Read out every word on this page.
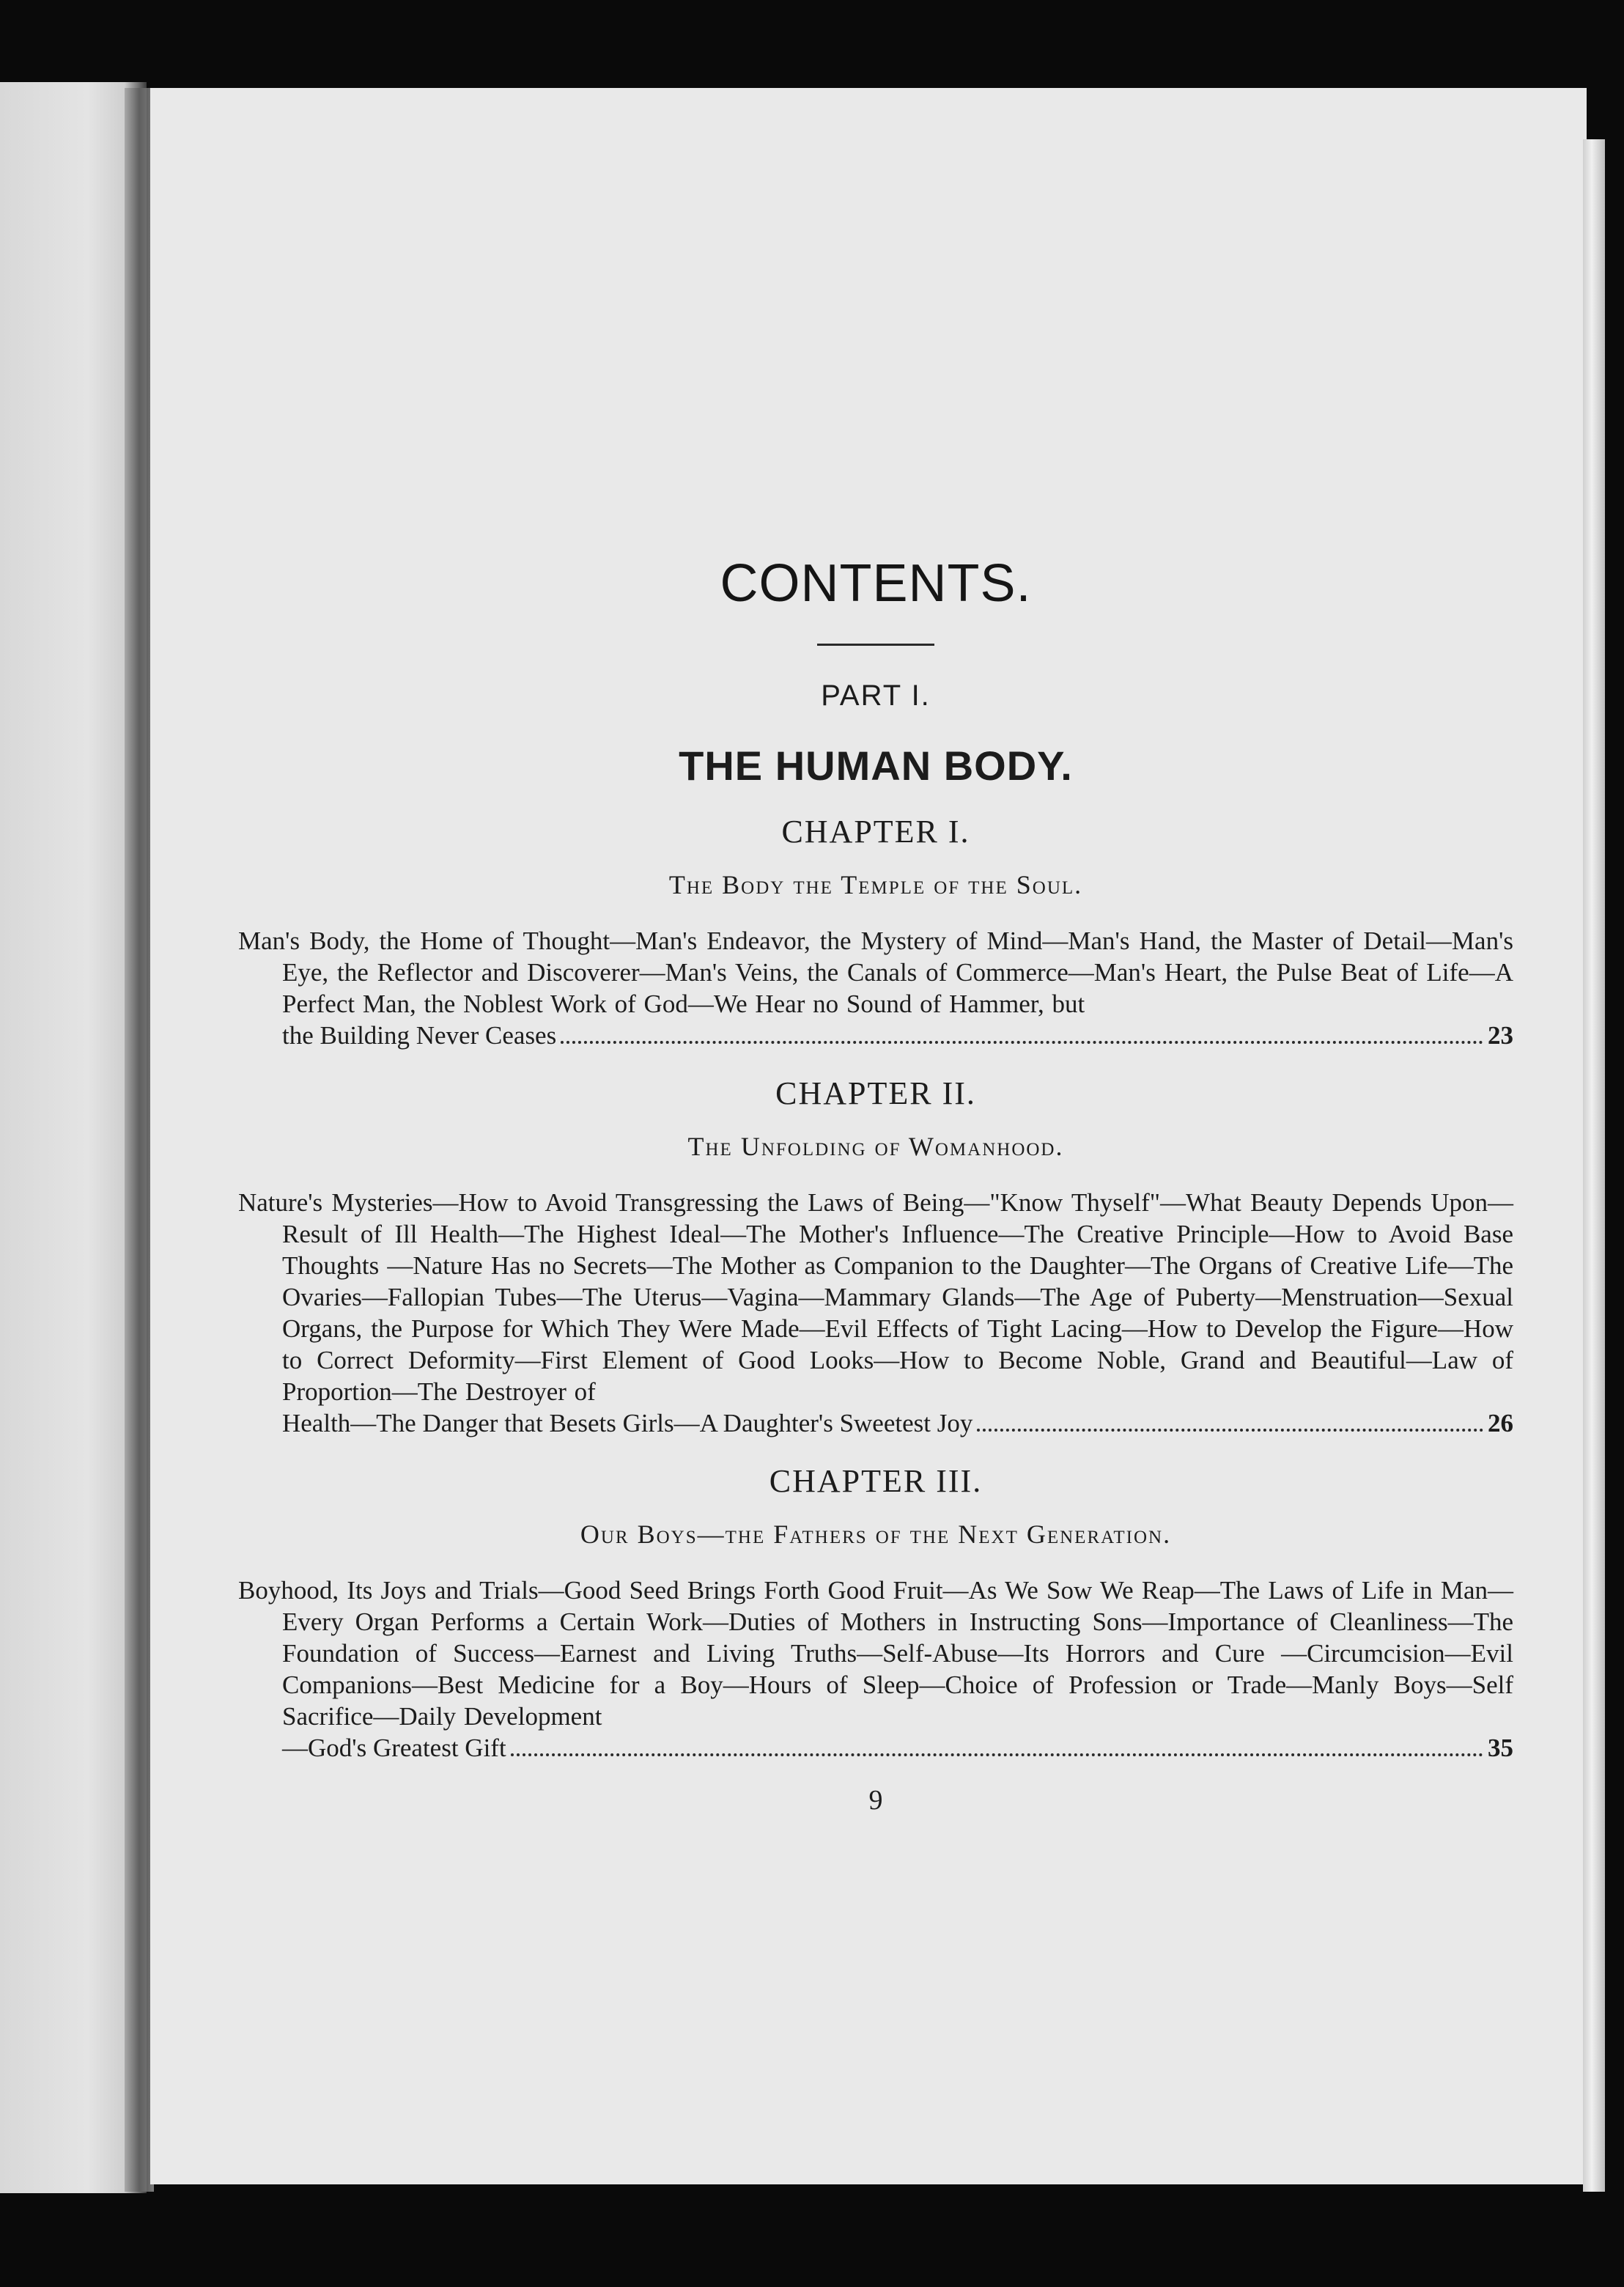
CONTENTS.
PART I.
THE HUMAN BODY.
CHAPTER I.
The Body the Temple of the Soul.
Man's Body, the Home of Thought—Man's Endeavor, the Mystery of Mind—Man's Hand, the Master of Detail—Man's Eye, the Reflector and Discoverer—Man's Veins, the Canals of Commerce—Man's Heart, the Pulse Beat of Life—A Perfect Man, the Noblest Work of God—We Hear no Sound of Hammer, but
the Building Never Ceases	23
CHAPTER II.
The Unfolding of Womanhood.
Nature's Mysteries—How to Avoid Transgressing the Laws of Being—"Know Thyself"—What Beauty Depends Upon—Result of Ill Health—The Highest Ideal—The Mother's Influence—The Creative Principle—How to Avoid Base Thoughts —Nature Has no Secrets—The Mother as Companion to the Daughter—The Organs of Creative Life—The Ovaries—Fallopian Tubes—The Uterus—Vagina—Mammary Glands—The Age of Puberty—Menstruation—Sexual Organs, the Purpose for Which They Were Made—Evil Effects of Tight Lacing—How to Develop the Figure—How to Correct Deformity—First Element of Good Looks—How to Become Noble, Grand and Beautiful—Law of Proportion—The Destroyer of
Health—The Danger that Besets Girls—A Daughter's Sweetest Joy	26
CHAPTER III.
Our Boys—the Fathers of the Next Generation.
Boyhood, Its Joys and Trials—Good Seed Brings Forth Good Fruit—As We Sow We Reap—The Laws of Life in Man—Every Organ Performs a Certain Work—Duties of Mothers in Instructing Sons—Importance of Cleanliness—The Foundation of Success—Earnest and Living Truths—Self-Abuse—Its Horrors and Cure —Circumcision—Evil Companions—Best Medicine for a Boy—Hours of Sleep—Choice of Profession or Trade—Manly Boys—Self Sacrifice—Daily Development
—God's Greatest Gift	35
9
